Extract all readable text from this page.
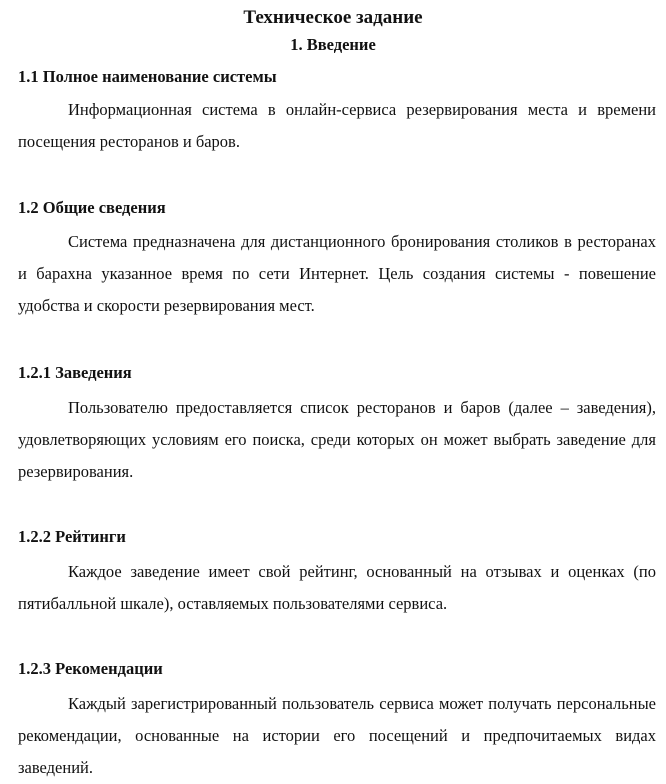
Техническое задание
1. Введение
1.1 Полное наименование системы

Информационная система в онлайн-сервиса резервирования места и времени посещения ресторанов и баров.

1.2 Общие сведения

Система предназначена для дистанционного бронирования столиков в ресторанах и барахна указанное время по сети Интернет. Цель создания системы - повешение удобства и скорости резервирования мест.

1.2.1 Заведения

Пользователю предоставляется список ресторанов и баров (далее – заведения), удовлетворяющих условиям его поиска, среди которых он может выбрать заведение для резервирования.

1.2.2 Рейтинги

Каждое заведение имеет свой рейтинг, основанный на отзывах и оценках (по пятибалльной шкале), оставляемых пользователями сервиса.

1.2.3 Рекомендации

Каждый зарегистрированный пользователь сервиса может получать персональные рекомендации, основанные на истории его посещений и предпочитаемых видах заведений.
